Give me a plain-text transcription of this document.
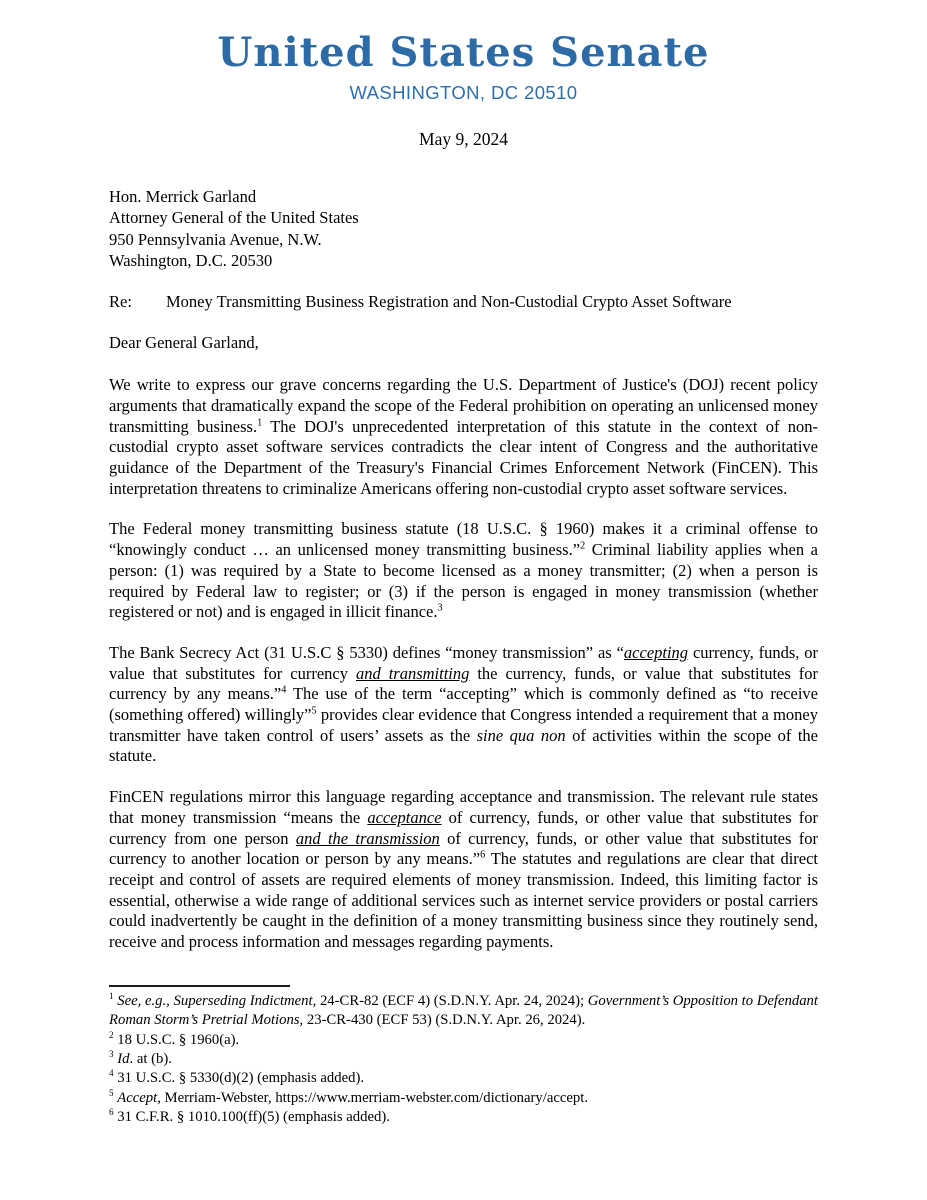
United States Senate
WASHINGTON, DC 20510
May 9, 2024
Hon. Merrick Garland
Attorney General of the United States
950 Pennsylvania Avenue, N.W.
Washington, D.C. 20530
Re:	Money Transmitting Business Registration and Non-Custodial Crypto Asset Software
Dear General Garland,

We write to express our grave concerns regarding the U.S. Department of Justice's (DOJ) recent policy arguments that dramatically expand the scope of the Federal prohibition on operating an unlicensed money transmitting business.$^1$ The DOJ's unprecedented interpretation of this statute in the context of non-custodial crypto asset software services contradicts the clear intent of Congress and the authoritative guidance of the Department of the Treasury's Financial Crimes Enforcement Network (FinCEN). This interpretation threatens to criminalize Americans offering non-custodial crypto asset software services.

The Federal money transmitting business statute (18 U.S.C. § 1960) makes it a criminal offense to “knowingly conduct … an unlicensed money transmitting business.”$^2$ Criminal liability applies when a person: (1) was required by a State to become licensed as a money transmitter; (2) when a person is required by Federal law to register; or (3) if the person is engaged in money transmission (whether registered or not) and is engaged in illicit finance.$^3$

The Bank Secrecy Act (31 U.S.C § 5330) defines “money transmission” as “accepting currency, funds, or value that substitutes for currency and transmitting the currency, funds, or value that substitutes for currency by any means.”$^4$ The use of the term “accepting” which is commonly defined as “to receive (something offered) willingly”$^5$ provides clear evidence that Congress intended a requirement that a money transmitter have taken control of users’ assets as the sine qua non of activities within the scope of the statute.

FinCEN regulations mirror this language regarding acceptance and transmission. The relevant rule states that money transmission “means the acceptance of currency, funds, or other value that substitutes for currency from one person and the transmission of currency, funds, or other value that substitutes for currency to another location or person by any means.”$^6$ The statutes and regulations are clear that direct receipt and control of assets are required elements of money transmission. Indeed, this limiting factor is essential, otherwise a wide range of additional services such as internet service providers or postal carriers could inadvertently be caught in the definition of a money transmitting business since they routinely send, receive and process information and messages regarding payments.

$^1$ See, e.g., Superseding Indictment, 24-CR-82 (ECF 4) (S.D.N.Y. Apr. 24, 2024); Government’s Opposition to Defendant Roman Storm’s Pretrial Motions, 23-CR-430 (ECF 53) (S.D.N.Y. Apr. 26, 2024).
$^2$ 18 U.S.C. § 1960(a).
$^3$ Id. at (b).
$^4$ 31 U.S.C. § 5330(d)(2) (emphasis added).
$^5$ Accept, Merriam-Webster, https://www.merriam-webster.com/dictionary/accept.
$^6$ 31 C.F.R. § 1010.100(ff)(5) (emphasis added).
